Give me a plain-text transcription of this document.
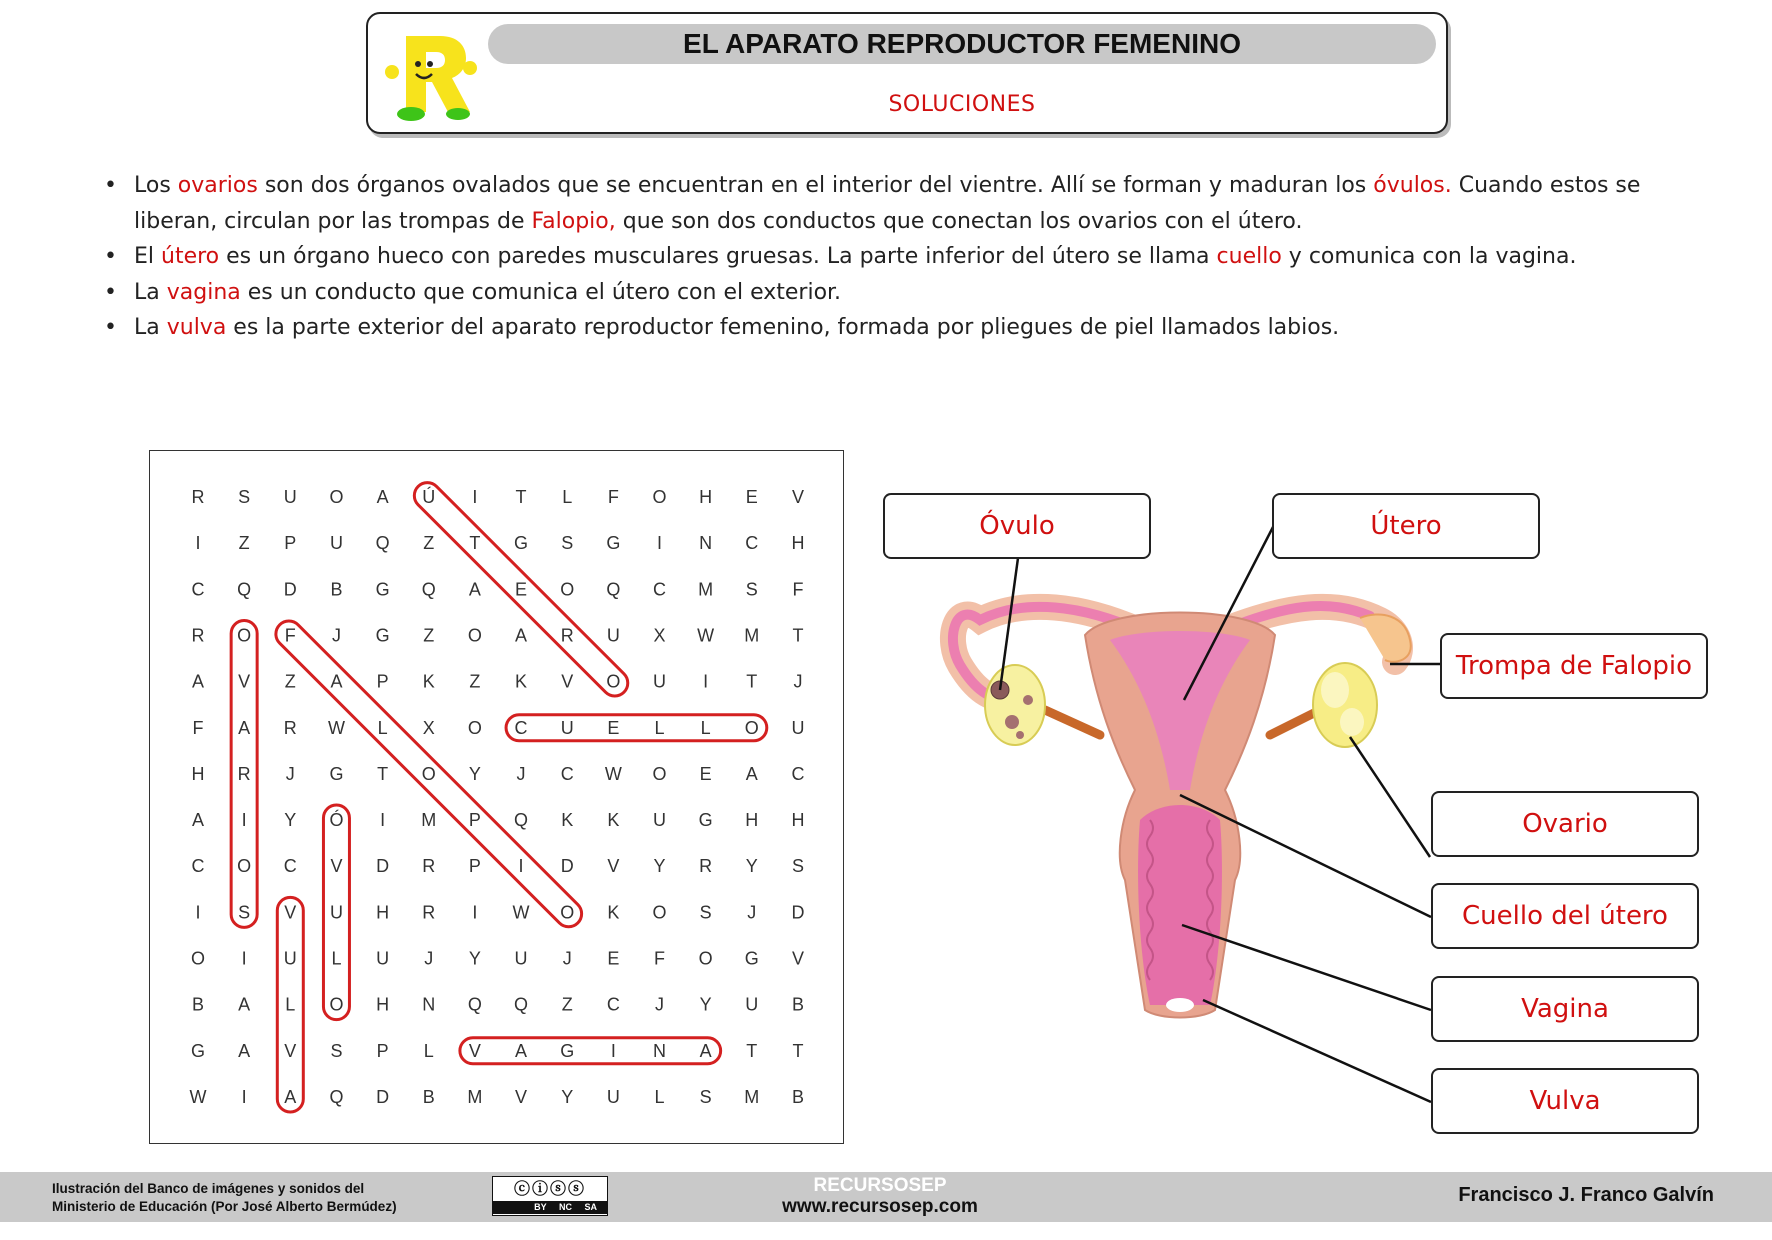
EL APARATO REPRODUCTOR FEMENINO
SOLUCIONES
• Los ovarios son dos órganos ovalados que se encuentran en el interior del vientre. Allí se forman y maduran los óvulos. Cuando estos se liberan, circulan por las trompas de Falopio, que son dos conductos que conectan los ovarios con el útero.
• El útero es un órgano hueco con paredes musculares gruesas. La parte inferior del útero se llama cuello y comunica con la vagina.
• La vagina es un conducto que comunica el útero con el exterior.
• La vulva es la parte exterior del aparato reproductor femenino, formada por pliegues de piel llamados labios.
R S U O A Ú I T L F O H E V
I Z P U Q Z T G S G I N C H
C Q D B G Q A E O Q C M S F
R O F J G Z O A R U X W M T
A V Z A P K Z K V O U I T J
F A R W L X O C U E L L O U
H R J G T O Y J C W O E A C
A I Y Ó I M P Q K K U G H H
C O C V D R P I D V Y R Y S
I S V U H R I W O K O S J D
O I U L U J Y U J E F O G V
B A L O H N Q Q Z C J Y U B
G A V S P L V A G I N A T T
W I A Q D B M V Y U L S M B
Óvulo	Útero
Trompa de Falopio
Ovario
Cuello del útero
Vagina
Vulva
Ilustración del Banco de imágenes y sonidos del
Ministerio de Educación (Por José Alberto Bermúdez)
ⓒⓘⓢⓢ
BY NC SA
RECURSOSEP
www.recursosep.com
Francisco J. Franco Galvín
